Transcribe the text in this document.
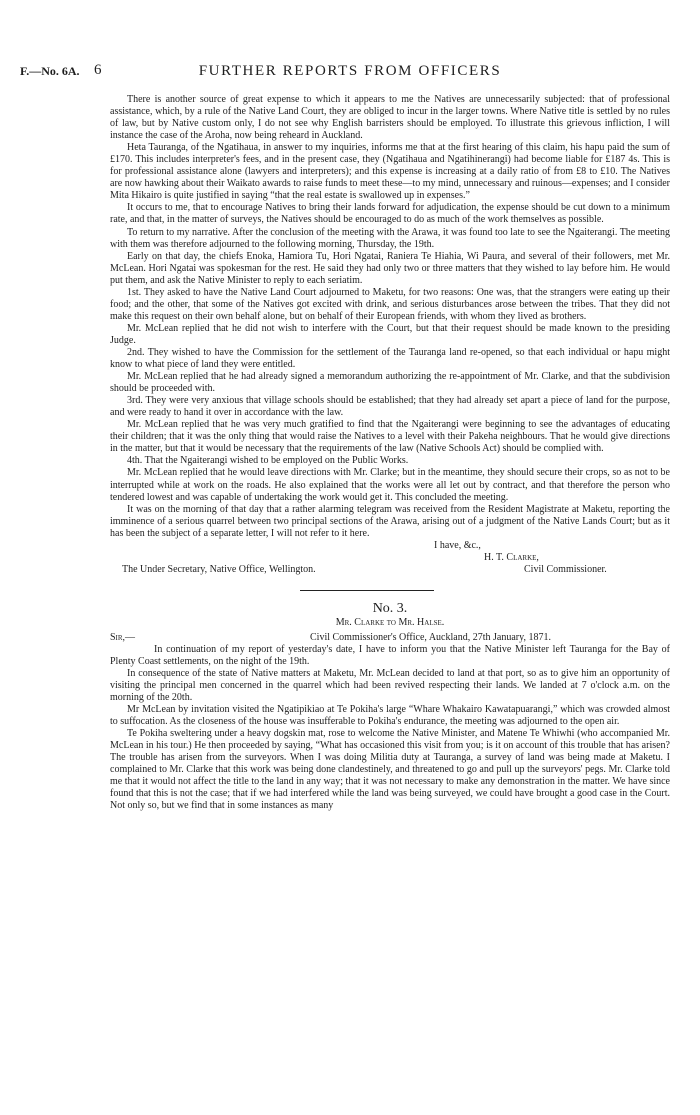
F.—No. 6A. 6	FURTHER REPORTS FROM OFFICERS

There is another source of great expense to which it appears to me the Natives are unnecessarily subjected: that of professional assistance, which, by a rule of the Native Land Court, they are obliged to incur in the larger towns. Where Native title is settled by no rules of law, but by Native custom only, I do not see why English barristers should be employed. To illustrate this grievous infliction, I will instance the case of the Aroha, now being reheard in Auckland.

Heta Tauranga, of the Ngatihaua, in answer to my inquiries, informs me that at the first hearing of this claim, his hapu paid the sum of £170. This includes interpreter's fees, and in the present case, they (Ngatihaua and Ngatihinerangi) had become liable for £187 4s. This is for professional assistance alone (lawyers and interpreters); and this expense is increasing at a daily ratio of from £8 to £10. The Natives are now hawking about their Waikato awards to raise funds to meet these—to my mind, unnecessary and ruinous—expenses; and I consider Mita Hikairo is quite justified in saying “that the real estate is swallowed up in expenses.”

It occurs to me, that to encourage Natives to bring their lands forward for adjudication, the expense should be cut down to a minimum rate, and that, in the matter of surveys, the Natives should be encouraged to do as much of the work themselves as possible.

To return to my narrative. After the conclusion of the meeting with the Arawa, it was found too late to see the Ngaiterangi. The meeting with them was therefore adjourned to the following morning, Thursday, the 19th.

Early on that day, the chiefs Enoka, Hamiora Tu, Hori Ngatai, Raniera Te Hiahia, Wi Paura, and several of their followers, met Mr. McLean. Hori Ngatai was spokesman for the rest. He said they had only two or three matters that they wished to lay before him. He would put them, and ask the Native Minister to reply to each seriatim.

1st. They asked to have the Native Land Court adjourned to Maketu, for two reasons: One was, that the strangers were eating up their food; and the other, that some of the Natives got excited with drink, and serious disturbances arose between the tribes. That they did not make this request on their own behalf alone, but on behalf of their European friends, with whom they lived as brothers.

Mr. McLean replied that he did not wish to interfere with the Court, but that their request should be made known to the presiding Judge.

2nd. They wished to have the Commission for the settlement of the Tauranga land re-opened, so that each individual or hapu might know to what piece of land they were entitled.

Mr. McLean replied that he had already signed a memorandum authorizing the re-appointment of Mr. Clarke, and that the subdivision should be proceeded with.

3rd. They were very anxious that village schools should be established; that they had already set apart a piece of land for the purpose, and were ready to hand it over in accordance with the law.

Mr. McLean replied that he was very much gratified to find that the Ngaiterangi were beginning to see the advantages of educating their children; that it was the only thing that would raise the Natives to a level with their Pakeha neighbours. That he would give directions in the matter, but that it would be necessary that the requirements of the law (Native Schools Act) should be complied with.

4th. That the Ngaiterangi wished to be employed on the Public Works.

Mr. McLean replied that he would leave directions with Mr. Clarke; but in the meantime, they should secure their crops, so as not to be interrupted while at work on the roads. He also explained that the works were all let out by contract, and that therefore the person who tendered lowest and was capable of undertaking the work would get it. This concluded the meeting.

It was on the morning of that day that a rather alarming telegram was received from the Resident Magistrate at Maketu, reporting the imminence of a serious quarrel between two principal sections of the Arawa, arising out of a judgment of the Native Lands Court; but as it has been the subject of a separate letter, I will not refer to it here.

I have, &c.,
H. T. Clarke,
The Under Secretary, Native Office, Wellington.	Civil Commissioner.
No. 3.
Mr. Clarke to Mr. Halse.
Sir,—	Civil Commissioner's Office, Auckland, 27th January, 1871.

In continuation of my report of yesterday's date, I have to inform you that the Native Minister left Tauranga for the Bay of Plenty Coast settlements, on the night of the 19th.

In consequence of the state of Native matters at Maketu, Mr. McLean decided to land at that port, so as to give him an opportunity of visiting the principal men concerned in the quarrel which had been revived respecting their lands. We landed at 7 o'clock a.m. on the morning of the 20th.

Mr McLean by invitation visited the Ngatipikiao at Te Pokiha's large “Whare Whakairo Kawatapuarangi,” which was crowded almost to suffocation. As the closeness of the house was insufferable to Pokiha's endurance, the meeting was adjourned to the open air.

Te Pokiha sweltering under a heavy dogskin mat, rose to welcome the Native Minister, and Matene Te Whiwhi (who accompanied Mr. McLean in his tour.) He then proceeded by saying, “What has occasioned this visit from you; is it on account of this trouble that has arisen? The trouble has arisen from the surveyors. When I was doing Militia duty at Tauranga, a survey of land was being made at Maketu. I complained to Mr. Clarke that this work was being done clandestinely, and threatened to go and pull up the surveyors' pegs. Mr. Clarke told me that it would not affect the title to the land in any way; that it was not necessary to make any demonstration in the matter. We have since found that this is not the case; that if we had interfered while the land was being surveyed, we could have brought a good case in the Court. Not only so, but we find that in some instances as many
